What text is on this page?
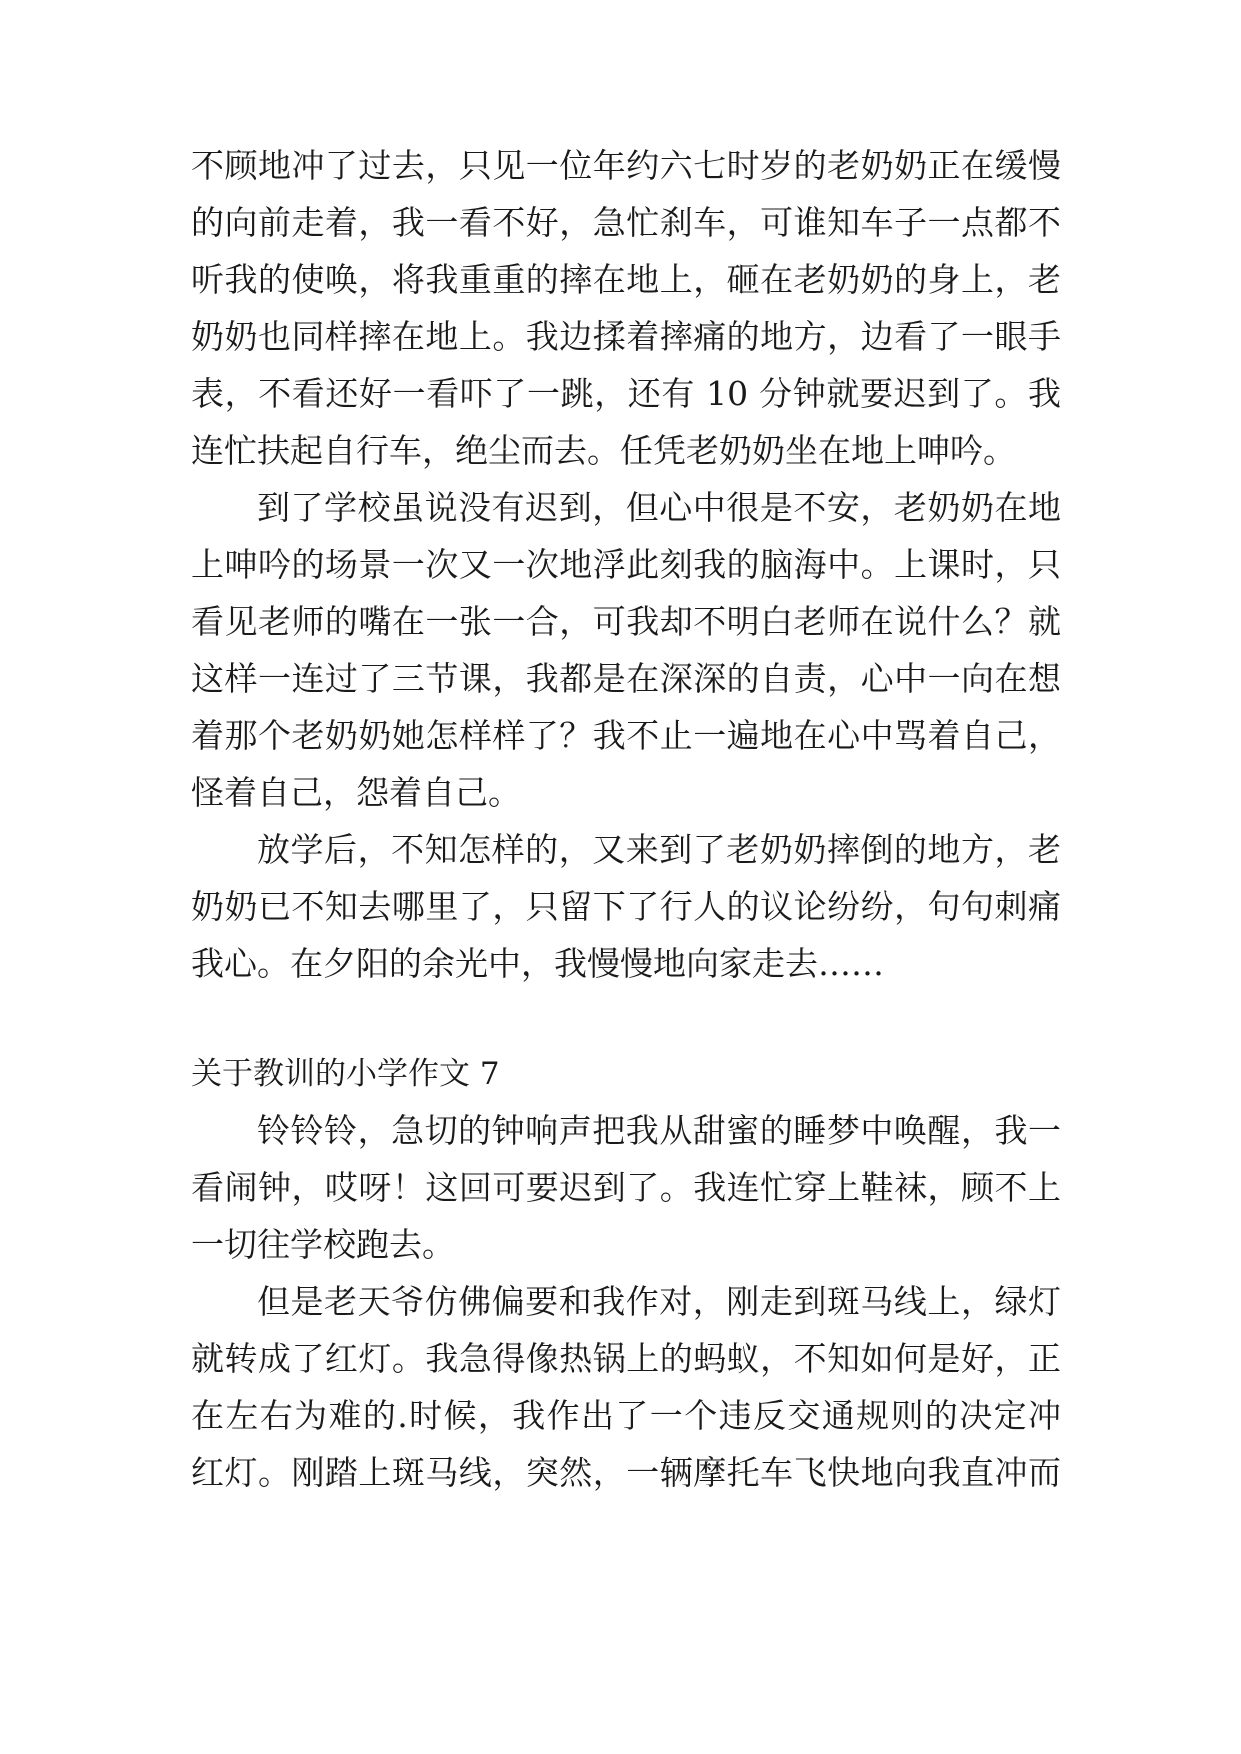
不顾地冲了过去，只见一位年约六七时岁的老奶奶正在缓慢
的向前走着，我一看不好，急忙刹车，可谁知车子一点都不
听我的使唤，将我重重的摔在地上，砸在老奶奶的身上，老
奶奶也同样摔在地上。我边揉着摔痛的地方，边看了一眼手
表，不看还好一看吓了一跳，还有 10 分钟就要迟到了。我
连忙扶起自行车，绝尘而去。任凭老奶奶坐在地上呻吟。
到了学校虽说没有迟到，但心中很是不安，老奶奶在地
上呻吟的场景一次又一次地浮此刻我的脑海中。上课时，只
看见老师的嘴在一张一合，可我却不明白老师在说什么？就
这样一连过了三节课，我都是在深深的自责，心中一向在想
着那个老奶奶她怎样样了？我不止一遍地在心中骂着自己，
怪着自己，怨着自己。
放学后，不知怎样的，又来到了老奶奶摔倒的地方，老
奶奶已不知去哪里了，只留下了行人的议论纷纷，句句刺痛
我心。在夕阳的余光中，我慢慢地向家走去……
关于教训的小学作文 7
铃铃铃，急切的钟响声把我从甜蜜的睡梦中唤醒，我一
看闹钟，哎呀！这回可要迟到了。我连忙穿上鞋袜，顾不上
一切往学校跑去。
但是老天爷仿佛偏要和我作对，刚走到斑马线上，绿灯
就转成了红灯。我急得像热锅上的蚂蚁，不知如何是好，正
在左右为难的.时候，我作出了一个违反交通规则的决定冲
红灯。刚踏上斑马线，突然，一辆摩托车飞快地向我直冲而
